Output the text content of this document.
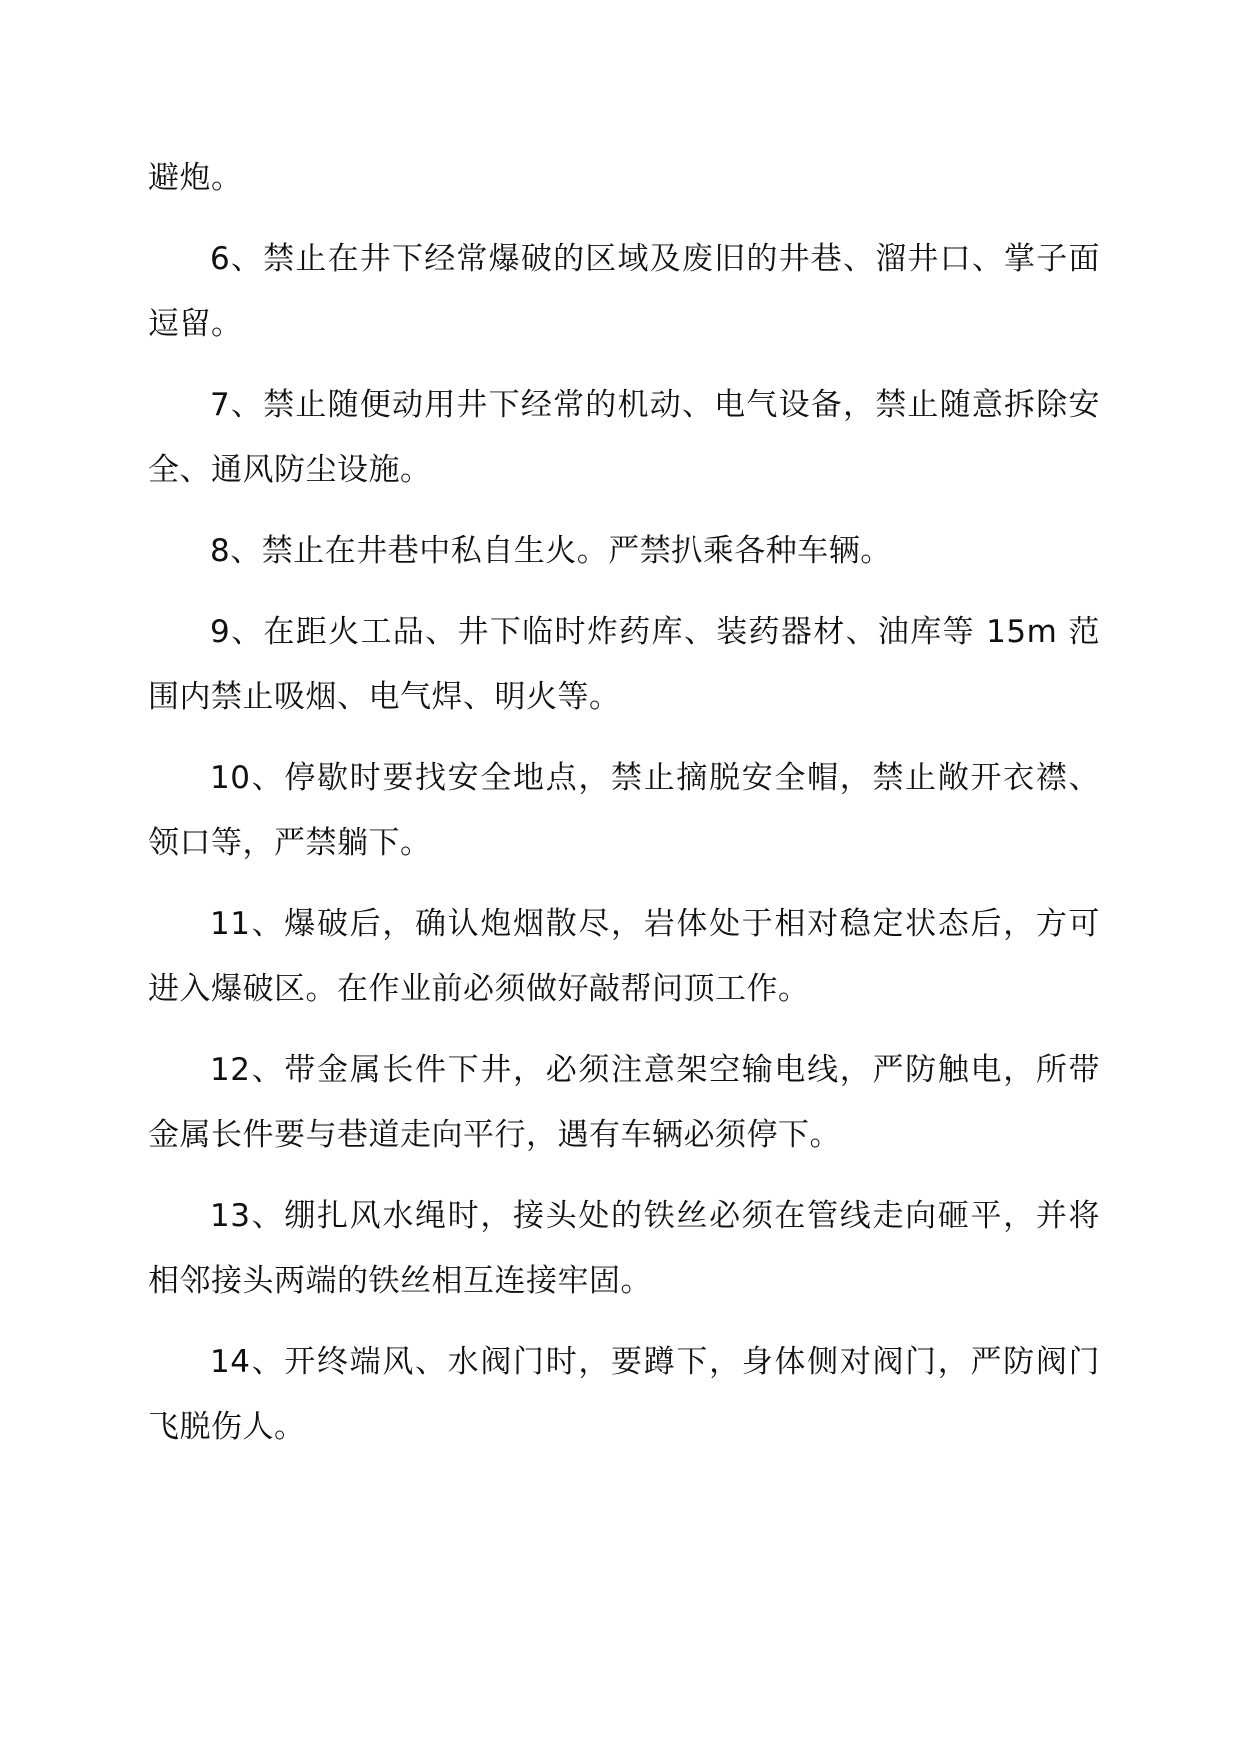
避炮。

6、禁止在井下经常爆破的区域及废旧的井巷、溜井口、掌子面逗留。

7、禁止随便动用井下经常的机动、电气设备，禁止随意拆除安全、通风防尘设施。

8、禁止在井巷中私自生火。严禁扒乘各种车辆。

9、在距火工品、井下临时炸药库、装药器材、油库等 15m 范围内禁止吸烟、电气焊、明火等。

10、停歇时要找安全地点，禁止摘脱安全帽，禁止敞开衣襟、领口等，严禁躺下。

11、爆破后，确认炮烟散尽，岩体处于相对稳定状态后，方可进入爆破区。在作业前必须做好敲帮问顶工作。

12、带金属长件下井，必须注意架空输电线，严防触电，所带金属长件要与巷道走向平行，遇有车辆必须停下。

13、绷扎风水绳时，接头处的铁丝必须在管线走向砸平，并将相邻接头两端的铁丝相互连接牢固。

14、开终端风、水阀门时，要蹲下，身体侧对阀门，严防阀门飞脱伤人。
